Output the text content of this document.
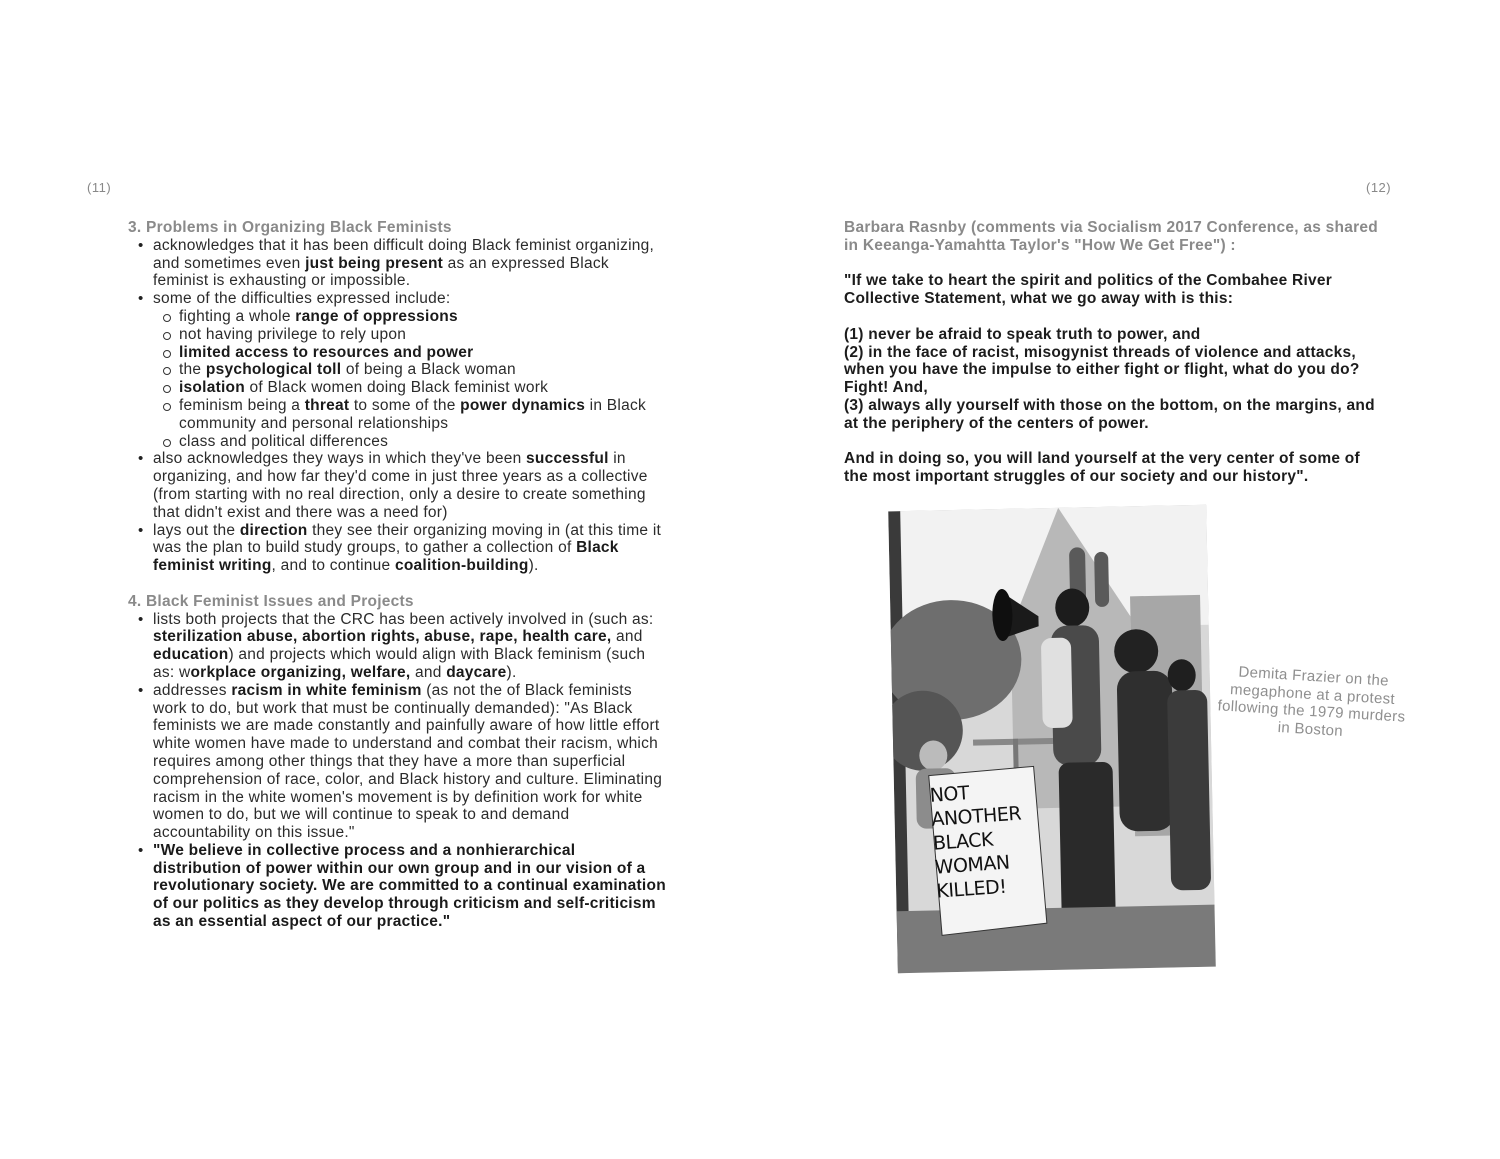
(11)	(12)
3. Problems in Organizing Black Feminists
• acknowledges that it has been difficult doing Black feminist organizing, and sometimes even just being present as an expressed Black feminist is exhausting or impossible.
• some of the difficulties expressed include:
fighting a whole range of oppressions
not having privilege to rely upon
limited access to resources and power
the psychological toll of being a Black woman
isolation of Black women doing Black feminist work
feminism being a threat to some of the power dynamics in Black community and personal relationships
class and political differences
• also acknowledges they ways in which they've been successful in organizing, and how far they'd come in just three years as a collective (from starting with no real direction, only a desire to create something that didn't exist and there was a need for)
• lays out the direction they see their organizing moving in (at this time it was the plan to build study groups, to gather a collection of Black feminist writing, and to continue coalition-building).
4. Black Feminist Issues and Projects
• lists both projects that the CRC has been actively involved in (such as: sterilization abuse, abortion rights, abuse, rape, health care, and education) and projects which would align with Black feminism (such as: workplace organizing, welfare, and daycare).
• addresses racism in white feminism (as not the of Black feminists work to do, but work that must be continually demanded): "As Black feminists we are made constantly and painfully aware of how little effort white women have made to understand and combat their racism, which requires among other things that they have a more than superficial comprehension of race, color, and Black history and culture. Eliminating racism in the white women's movement is by definition work for white women to do, but we will continue to speak to and demand accountability on this issue."
• "We believe in collective process and a nonhierarchical distribution of power within our own group and in our vision of a revolutionary society. We are committed to a continual examination of our politics as they develop through criticism and self-criticism as an essential aspect of our practice."
Barbara Rasnby (comments via Socialism 2017 Conference, as shared in Keeanga-Yamahtta Taylor's "How We Get Free") :
"If we take to heart the spirit and politics of the Combahee River Collective Statement, what we go away with is this:
(1) never be afraid to speak truth to power, and
(2) in the face of racist, misogynist threads of violence and attacks, when you have the impulse to either fight or flight, what do you do? Fight! And,
(3) always ally yourself with those on the bottom, on the margins, and at the periphery of the centers of power.
And in doing so, you will land yourself at the very center of some of the most important struggles of our society and our history".
NOT ANOTHER BLACK WOMAN KILLED!
Demita Frazier on the megaphone at a protest following the 1979 murders in Boston
